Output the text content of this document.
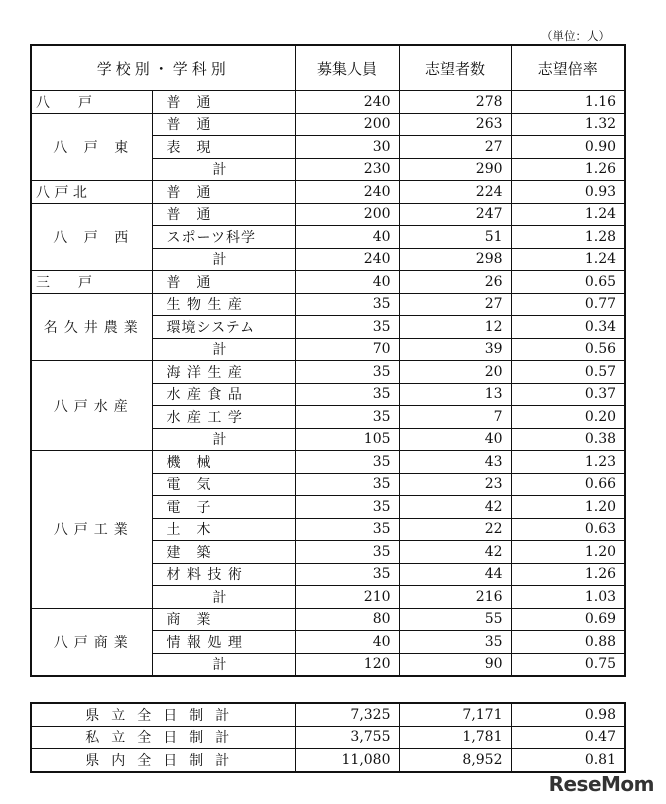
（単位：人）
学校別・学科別		募集人員	志望者数	志望倍率
八　　戸	普　通	240	278	1.16
八 戸 東	普　通	200	263	1.32
	表　現	30	27	0.90
	計	230	290	1.26
八 戸 北	普　通	240	224	0.93
八 戸 西	普　通	200	247	1.24
	スポーツ科学	40	51	1.28
	計	240	298	1.24
三　　戸	普　通	40	26	0.65
名久井農業	生 物 生 産	35	27	0.77
	環境システム	35	12	0.34
	計	70	39	0.56
八戸水産	海 洋 生 産	35	20	0.57
	水 産 食 品	35	13	0.37
	水 産 工 学	35	7	0.20
	計	105	40	0.38
八戸工業	機　械	35	43	1.23
	電　気	35	23	0.66
	電　子	35	42	1.20
	土　木	35	22	0.63
	建　築	35	42	1.20
	材 料 技 術	35	44	1.26
	計	210	216	1.03
八戸商業	商　業	80	55	0.69
	情 報 処 理	40	35	0.88
	計	120	90	0.75
県立全日制計	7,325	7,171	0.98
私立全日制計	3,755	1,781	0.47
県内全日制計	11,080	8,952	0.81
ReseMom
